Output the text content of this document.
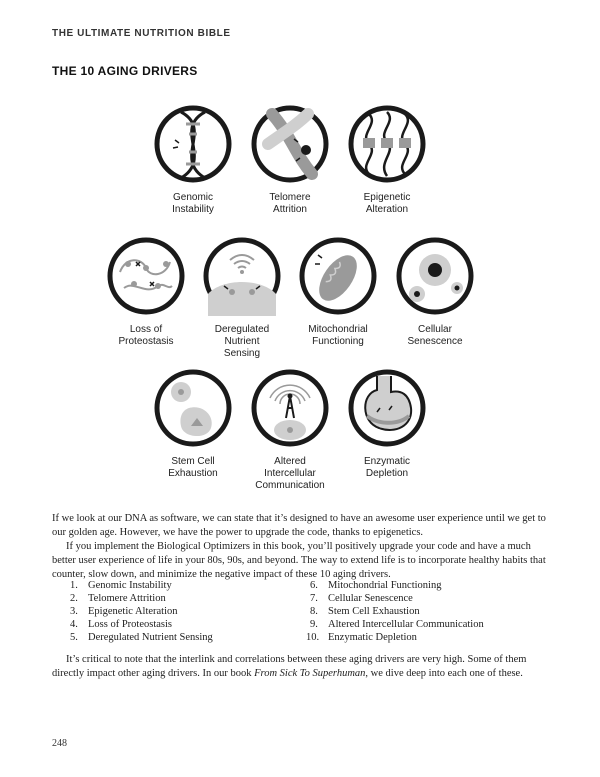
THE ULTIMATE NUTRITION BIBLE
THE 10 AGING DRIVERS
Genomic
Instability
Telomere
Attrition
Epigenetic
Alteration
Loss of
Proteostasis
Deregulated
Nutrient
Sensing
Mitochondrial
Functioning
Cellular
Senescence
Stem Cell
Exhaustion
Altered
Intercellular
Communication
Enzymatic
Depletion

If we look at our DNA as software, we can state that it’s designed to have an awesome user experience until we get to our golden age. However, we have the power to upgrade the code, thanks to epigenetics.

If you implement the Biological Optimizers in this book, you’ll positively upgrade your code and have a much better user experience of life in your 80s, 90s, and beyond. The way to extend life is to incorporate healthy habits that counter, slow down, and minimize the negative impact of these 10 aging drivers.

1. Genomic Instability
2. Telomere Attrition
3. Epigenetic Alteration
4. Loss of Proteostasis
5. Deregulated Nutrient Sensing
6. Mitochondrial Functioning
7. Cellular Senescence
8. Stem Cell Exhaustion
9. Altered Intercellular Communication
10. Enzymatic Depletion

It’s critical to note that the interlink and correlations between these aging drivers are very high. Some of them directly impact other aging drivers. In our book From Sick To Superhuman, we dive deep into each one of these.

248
